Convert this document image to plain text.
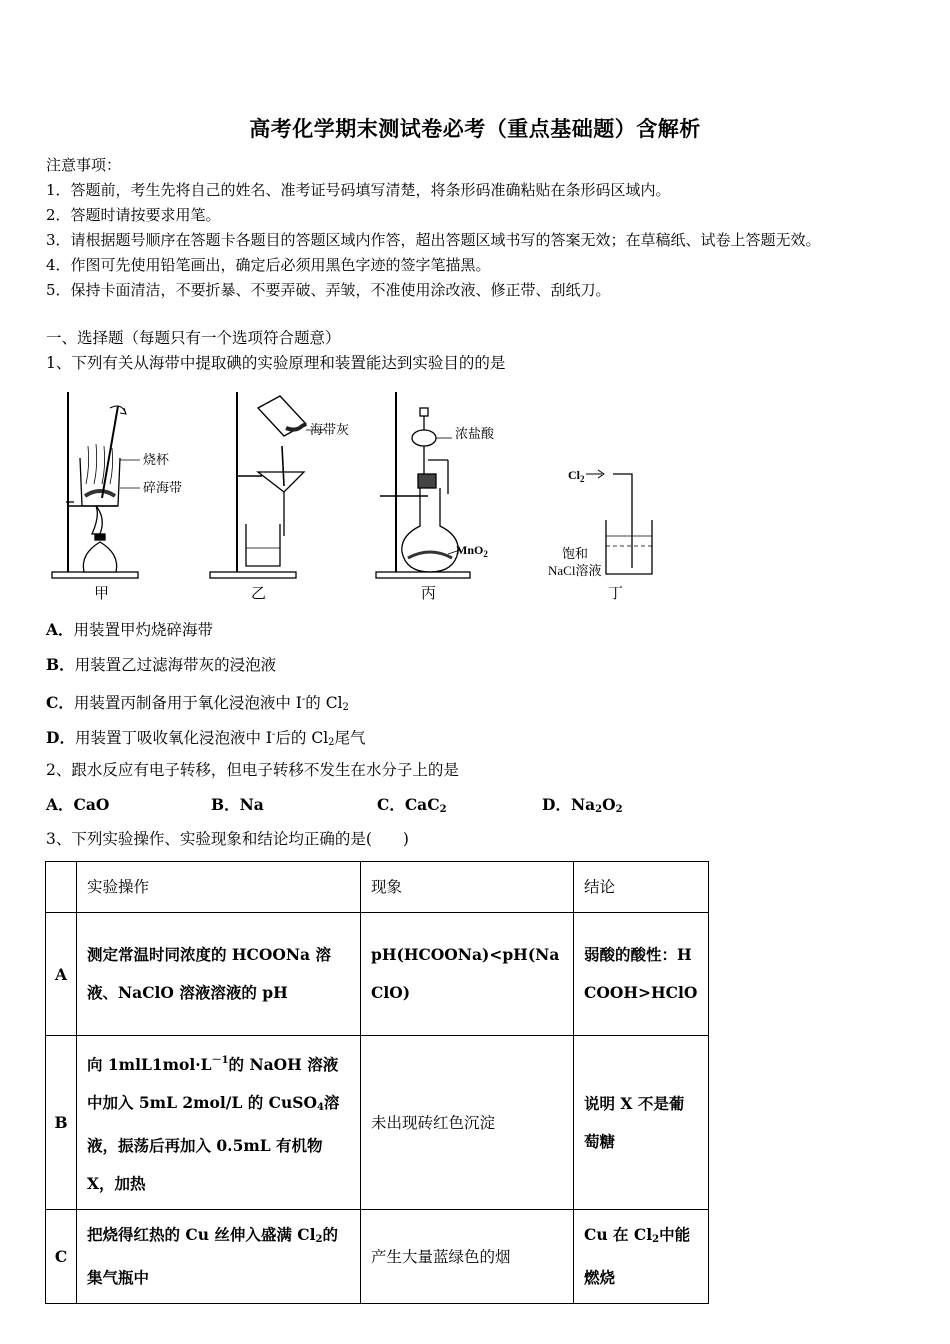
高考化学期末测试卷必考（重点基础题）含解析
注意事项：
1．答题前，考生先将自己的姓名、准考证号码填写清楚，将条形码准确粘贴在条形码区域内。
2．答题时请按要求用笔。
3．请根据题号顺序在答题卡各题目的答题区域内作答，超出答题区域书写的答案无效；在草稿纸、试卷上答题无效。
4．作图可先使用铅笔画出，确定后必须用黑色字迹的签字笔描黑。
5．保持卡面清洁，不要折暴、不要弄破、弄皱，不准使用涂改液、修正带、刮纸刀。
一、选择题（每题只有一个选项符合题意）
1、下列有关从海带中提取碘的实验原理和装置能达到实验目的的是
烧杯
碎海带
甲
海带灰
乙
浓盐酸
MnO$_2$
丙
$Cl_2$
饱和
NaCl溶液
丁
A．用装置甲灼烧碎海带
B．用装置乙过滤海带灰的浸泡液
C．用装置丙制备用于氧化浸泡液中 I-的 $Cl_2$
D．用装置丁吸收氧化浸泡液中 I-后的 $Cl_2$尾气
2、跟水反应有电子转移，但电子转移不发生在水分子上的是
A．CaO	B．Na	C．CaC$_2$	D．$Na_2O_2$
3、下列实验操作、实验现象和结论均正确的是(　　)
	实验操作	现象	结论
A	测定常温时同浓度的 HCOONa 溶液、NaClO 溶液溶液的 pH	pH(HCOONa)<pH(NaClO)	弱酸的酸性：HCOOH>HClO
B	向 $1mlL1mol\cdot L^{-1}$的 NaOH 溶液中加入 5mL 2mol/L 的 CuSO$_4$溶液，振荡后再加入 0.5mL 有机物 X，加热	未出现砖红色沉淀	说明 X 不是葡萄糖
C	把烧得红热的 Cu 丝伸入盛满 $Cl_2$的集气瓶中	产生大量蓝绿色的烟	Cu 在 $Cl_2$中能燃烧
